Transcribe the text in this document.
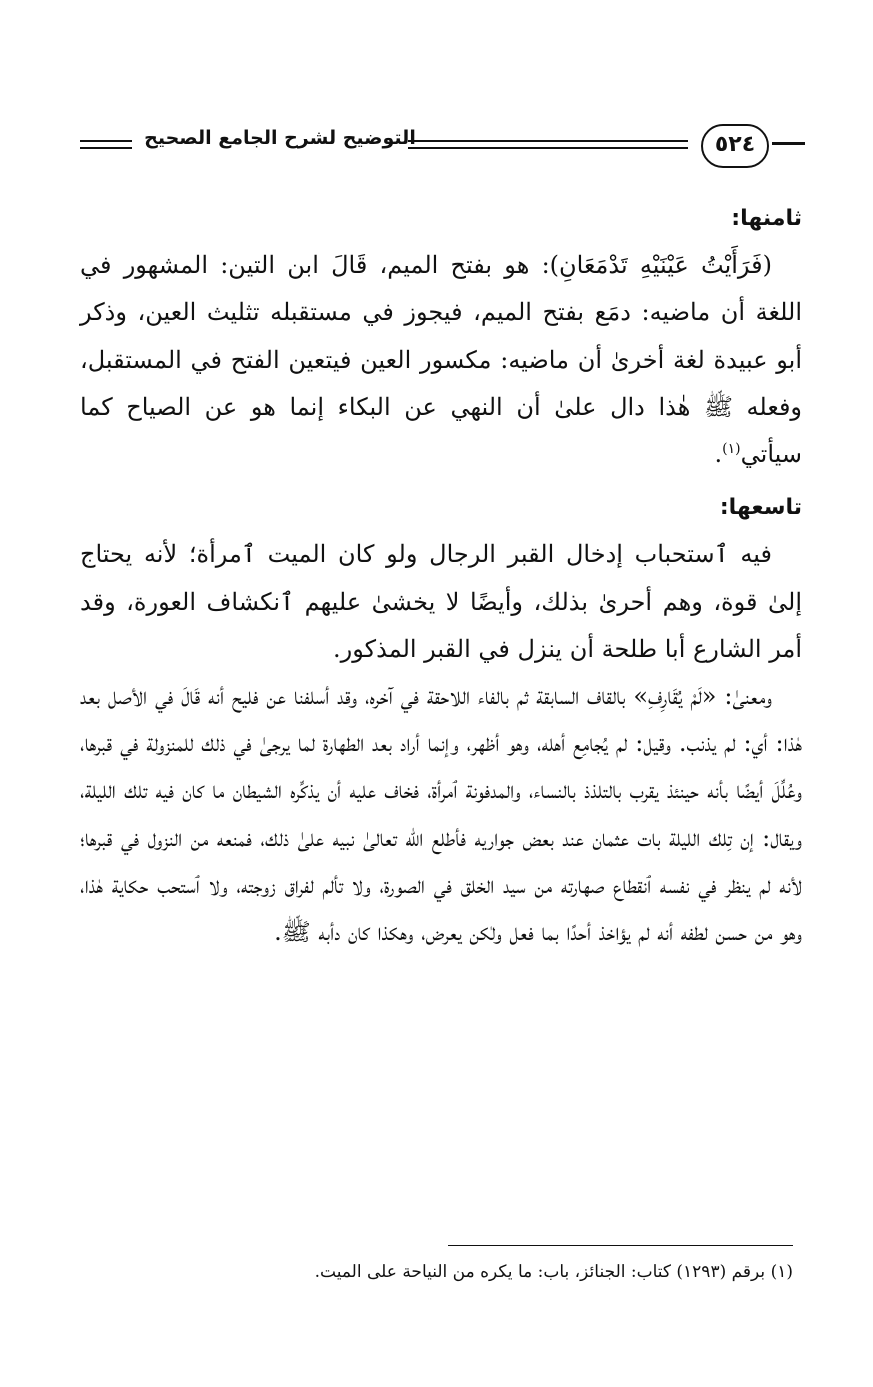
التوضيح لشرح الجامع الصحيح	٥٢٤

ثامنها:

(فَرَأَيْتُ عَيْنَيْهِ تَدْمَعَانِ): هو بفتح الميم، قَالَ ابن التين: المشهور في اللغة أن ماضيه: دمَع بفتح الميم، فيجوز في مستقبله تثليث العين، وذكر أبو عبيدة لغة أخرىٰ أن ماضيه: مكسور العين فيتعين الفتح في المستقبل، وفعله ﷺ هٰذا دال علىٰ أن النهي عن البكاء إنما هو عن الصياح كما سيأتي$^{(١)}$.

تاسعها:

فيه ٱستحباب إدخال القبر الرجال ولو كان الميت ٱمرأة؛ لأنه يحتاج إلىٰ قوة، وهم أحرىٰ بذلك، وأيضًا لا يخشىٰ عليهم ٱنكشاف العورة، وقد أمر الشارع أبا طلحة أن ينزل في القبر المذكور.

ومعنىٰ: «لَمْ يُقَارِفِ» بالقاف السابقة ثم بالفاء اللاحقة في آخره، وقد أسلفنا عن فليح أنه قَالَ في الأصل بعد هٰذا: أي: لم يذنب. وقيل: لم يُجامِع أهله، وهو أظهر، وإنما أراد بعد الطهارة لما يرجىٰ في ذلك للمنزولة في قبرها، وعُلِّلَ أيضًا بأنه حينئذ يقرب بالتلذذ بالنساء، والمدفونة ٱمرأة، فخاف عليه أن يذكِّره الشيطان ما كان فيه تلك الليلة، ويقال: إن تِلك الليلة بات عثمان عند بعض جواريه فأطلع الله تعالىٰ نبيه علىٰ ذلك، فمنعه من النزول في قبرها؛ لأنه لم ينظر في نفسه ٱنقطاع صهارته من سيد الخلق في الصورة، ولا تألم لفراق زوجته، ولا ٱستحب حكاية هٰذا، وهو من حسن لطفه أنه لم يؤاخذ أحدًا بما فعل ولٰكن يعرض، وهكذا كان دأبه ﷺ.

(١) برقم (١٢٩٣) كتاب: الجنائز، باب: ما يكره من النياحة على الميت.
